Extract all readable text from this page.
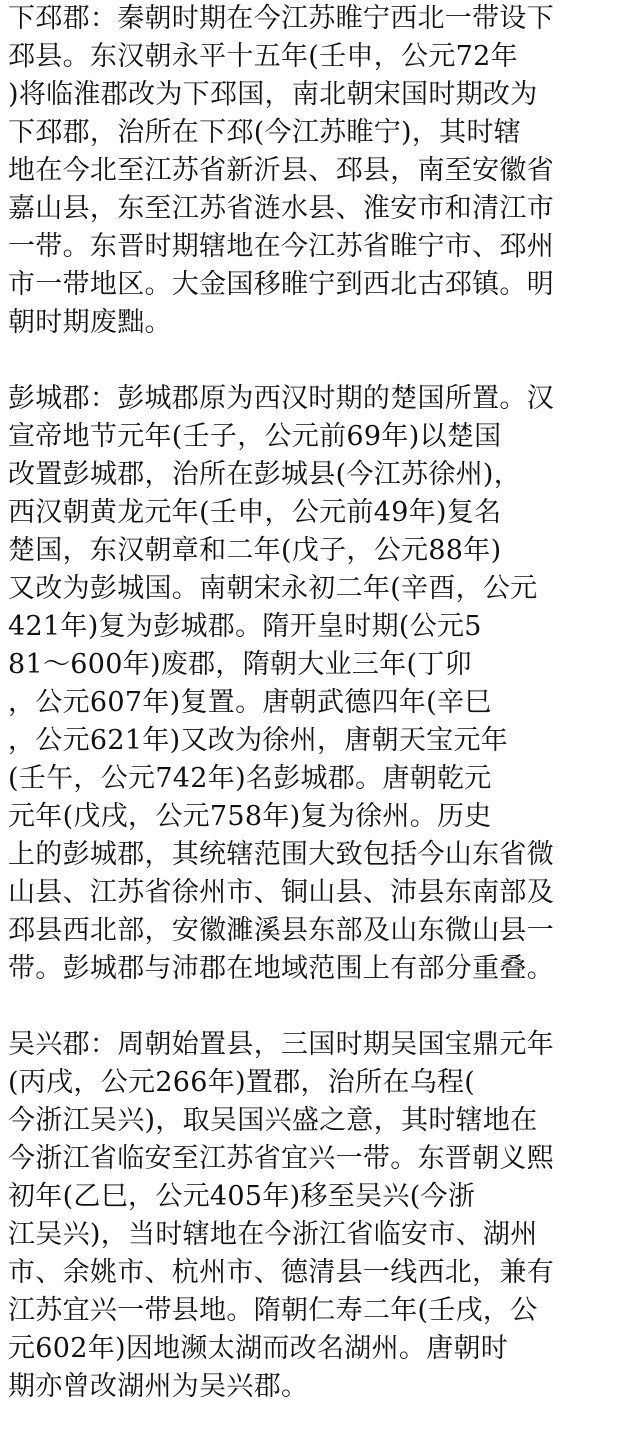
下邳郡：秦朝时期在今江苏睢宁西北一带设下
邳县。东汉朝永平十五年(壬申，公元72年
)将临淮郡改为下邳国，南北朝宋国时期改为
下邳郡，治所在下邳(今江苏睢宁)，其时辖
地在今北至江苏省新沂县、邳县，南至安徽省
嘉山县，东至江苏省涟水县、淮安市和清江市
一带。东晋时期辖地在今江苏省睢宁市、邳州
市一带地区。大金国移睢宁到西北古邳镇。明
朝时期废黜。
彭城郡：彭城郡原为西汉时期的楚国所置。汉
宣帝地节元年(壬子，公元前69年)以楚国
改置彭城郡，治所在彭城县(今江苏徐州)，
西汉朝黄龙元年(壬申，公元前49年)复名
楚国，东汉朝章和二年(戊子，公元88年)
又改为彭城国。南朝宋永初二年(辛酉，公元
421年)复为彭城郡。隋开皇时期(公元5
81～600年)废郡，隋朝大业三年(丁卯
，公元607年)复置。唐朝武德四年(辛巳
，公元621年)又改为徐州，唐朝天宝元年
(壬午，公元742年)名彭城郡。唐朝乾元
元年(戊戌，公元758年)复为徐州。历史
上的彭城郡，其统辖范围大致包括今山东省微
山县、江苏省徐州市、铜山县、沛县东南部及
邳县西北部，安徽濉溪县东部及山东微山县一
带。彭城郡与沛郡在地域范围上有部分重叠。
吴兴郡：周朝始置县，三国时期吴国宝鼎元年
(丙戌，公元266年)置郡，治所在乌程(
今浙江吴兴)，取吴国兴盛之意，其时辖地在
今浙江省临安至江苏省宜兴一带。东晋朝义熙
初年(乙巳，公元405年)移至吴兴(今浙
江吴兴)，当时辖地在今浙江省临安市、湖州
市、余姚市、杭州市、德清县一线西北，兼有
江苏宜兴一带县地。隋朝仁寿二年(壬戌，公
元602年)因地濒太湖而改名湖州。唐朝时
期亦曾改湖州为吴兴郡。
